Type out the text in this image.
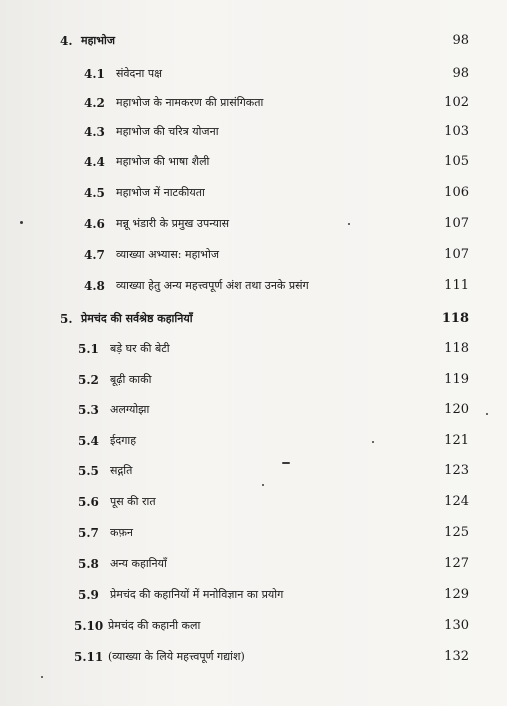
4. महाभोज	98
4.1 संवेदना पक्ष	98
4.2 महाभोज के नामकरण की प्रासंगिकता	102
4.3 महाभोज की चरित्र योजना	103
4.4 महाभोज की भाषा शैली	105
4.5 महाभोज में नाटकीयता	106
4.6 मन्नू भंडारी के प्रमुख उपन्यास	107
4.7 व्याख्या अभ्यास: महाभोज	107
4.8 व्याख्या हेतु अन्य महत्त्वपूर्ण अंश तथा उनके प्रसंग	111
5. प्रेमचंद की सर्वश्रेष्ठ कहानियाँ	118
5.1 बड़े घर की बेटी	118
5.2 बूढ़ी काकी	119
5.3 अलग्योझा	120
5.4 ईदगाह	121
5.5 सद्गति	123
5.6 पूस की रात	124
5.7 कफ़न	125
5.8 अन्य कहानियाँ	127
5.9 प्रेमचंद की कहानियों में मनोविज्ञान का प्रयोग	129
5.10 प्रेमचंद की कहानी कला	130
5.11 (व्याख्या के लिये महत्त्वपूर्ण गद्यांश)	132
